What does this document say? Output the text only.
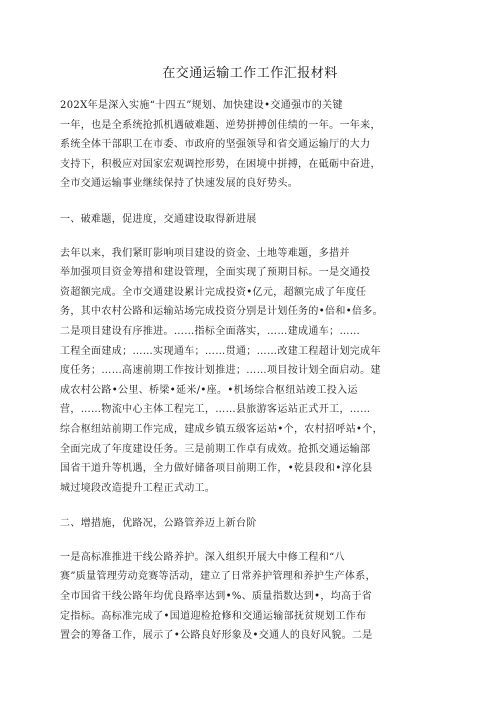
在交通运输工作工作汇报材料
202X年是深入实施“十四五”规划、加快建设•交通强市的关键
一年，也是全系统抢抓机遇破难题、逆势拼搏创佳绩的一年。一年来，
系统全体干部职工在市委、市政府的坚强领导和省交通运输厅的大力
支持下，积极应对国家宏观调控形势，在困境中拼搏，在砥砺中奋进，
全市交通运输事业继续保持了快速发展的良好势头。
一、破难题，促进度，交通建设取得新进展
去年以来，我们紧盯影响项目建设的资金、土地等难题，多措并
举加强项目资金筹措和建设管理，全面实现了预期目标。一是交通投
资超额完成。全市交通建设累计完成投资•亿元，超额完成了年度任
务，其中农村公路和运输站场完成投资分别是计划任务的•倍和•倍多。
二是项目建设有序推进。……指标全面落实，……建成通车；……
工程全面建成；……实现通车；……贯通；……改建工程超计划完成年
度任务；……高速前期工作按计划推进；……项目按计划全面启动。建
成农村公路•公里、桥梁•延米/•座。•机场综合枢纽站竣工投入运
营，……物流中心主体工程完工，……县旅游客运站正式开工，……
综合枢纽站前期工作完成，建成乡镇五级客运站•个，农村招呼站•个，
全面完成了年度建设任务。三是前期工作卓有成效。抢抓交通运输部
国省干道升等机遇，全力做好储备项目前期工作，•乾县段和•淳化县
城过境段改造提升工程正式动工。
二、增措施，优路况，公路管养迈上新台阶
一是高标准推进干线公路养护。深入组织开展大中修工程和“八
赛”质量管理劳动竞赛等活动，建立了日常养护管理和养护生产体系，
全市国省干线公路年均优良路率达到•%、质量指数达到•，均高于省
定指标。高标准完成了•国道迎检抢修和交通运输部抚贫规划工作布
置会的筹备工作，展示了•公路良好形象及•交通人的良好风貌。二是
